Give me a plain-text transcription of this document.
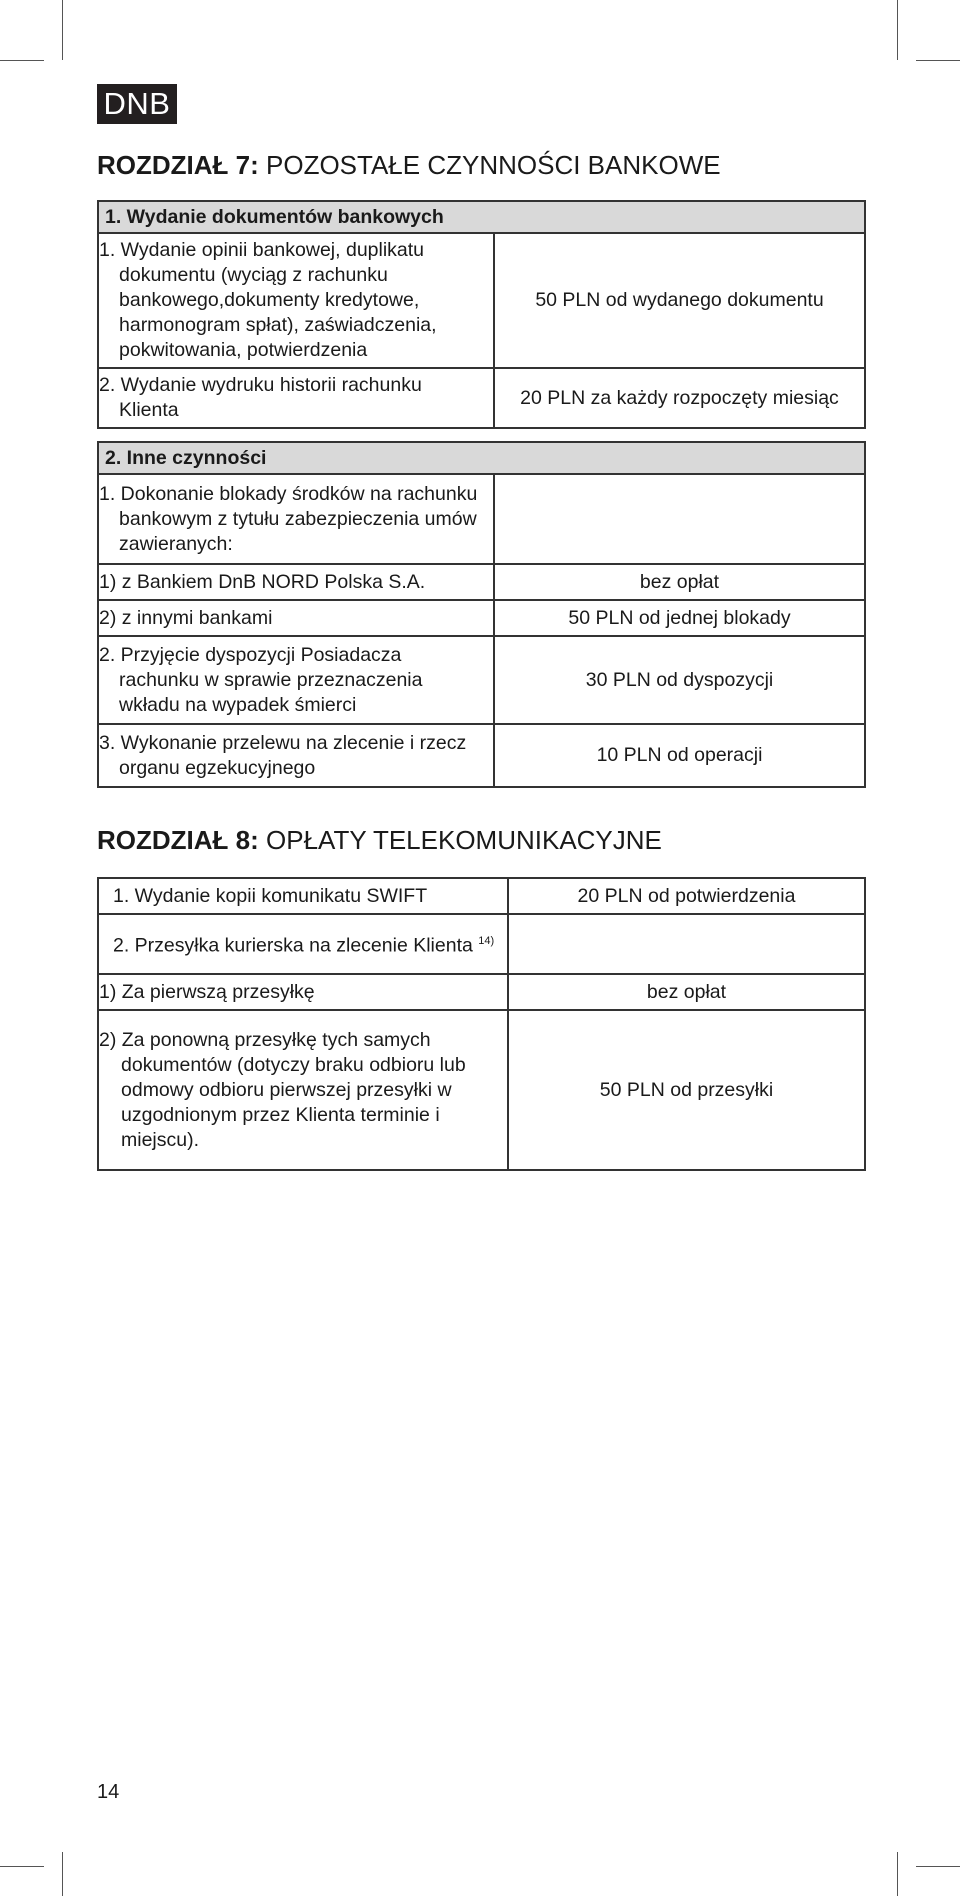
DNB
ROZDZIAŁ 7: POZOSTAŁE CZYNNOŚCI BANKOWE
1. Wydanie dokumentów bankowych	

1. Wydanie opinii bankowej, duplikatu dokumentu (wyciąg z rachunku bankowego,dokumenty kredytowe, harmonogram spłat), zaświadczenia, pokwitowania, potwierdzenia	50 PLN od wydanego dokumentu

2. Wydanie wydruku historii rachunku Klienta	20 PLN za każdy rozpoczęty miesiąc
2. Inne czynności	

1. Dokonanie blokady środków na rachunku bankowym z tytułu zabezpieczenia umów zawieranych:	

1) z Bankiem DnB NORD Polska S.A.	bez opłat
2) z innymi bankami	50 PLN od jednej blokady

2. Przyjęcie dyspozycji Posiadacza rachunku w sprawie przeznaczenia wkładu na wypadek śmierci	30 PLN od dyspozycji

3. Wykonanie przelewu na zlecenie i rzecz organu egzekucyjnego	10 PLN od operacji
ROZDZIAŁ 8: OPŁATY TELEKOMUNIKACYJNE
1. Wydanie kopii komunikatu SWIFT	20 PLN od potwierdzenia

2. Przesyłka kurierska na zlecenie Klienta $^{14)}$

1) Za pierwszą przesyłkę	bez opłat

2) Za ponowną przesyłkę tych samych dokumentów (dotyczy braku odbioru lub odmowy odbioru pierwszej przesyłki w uzgodnionym przez Klienta terminie i miejscu).	50 PLN od przesyłki
14
